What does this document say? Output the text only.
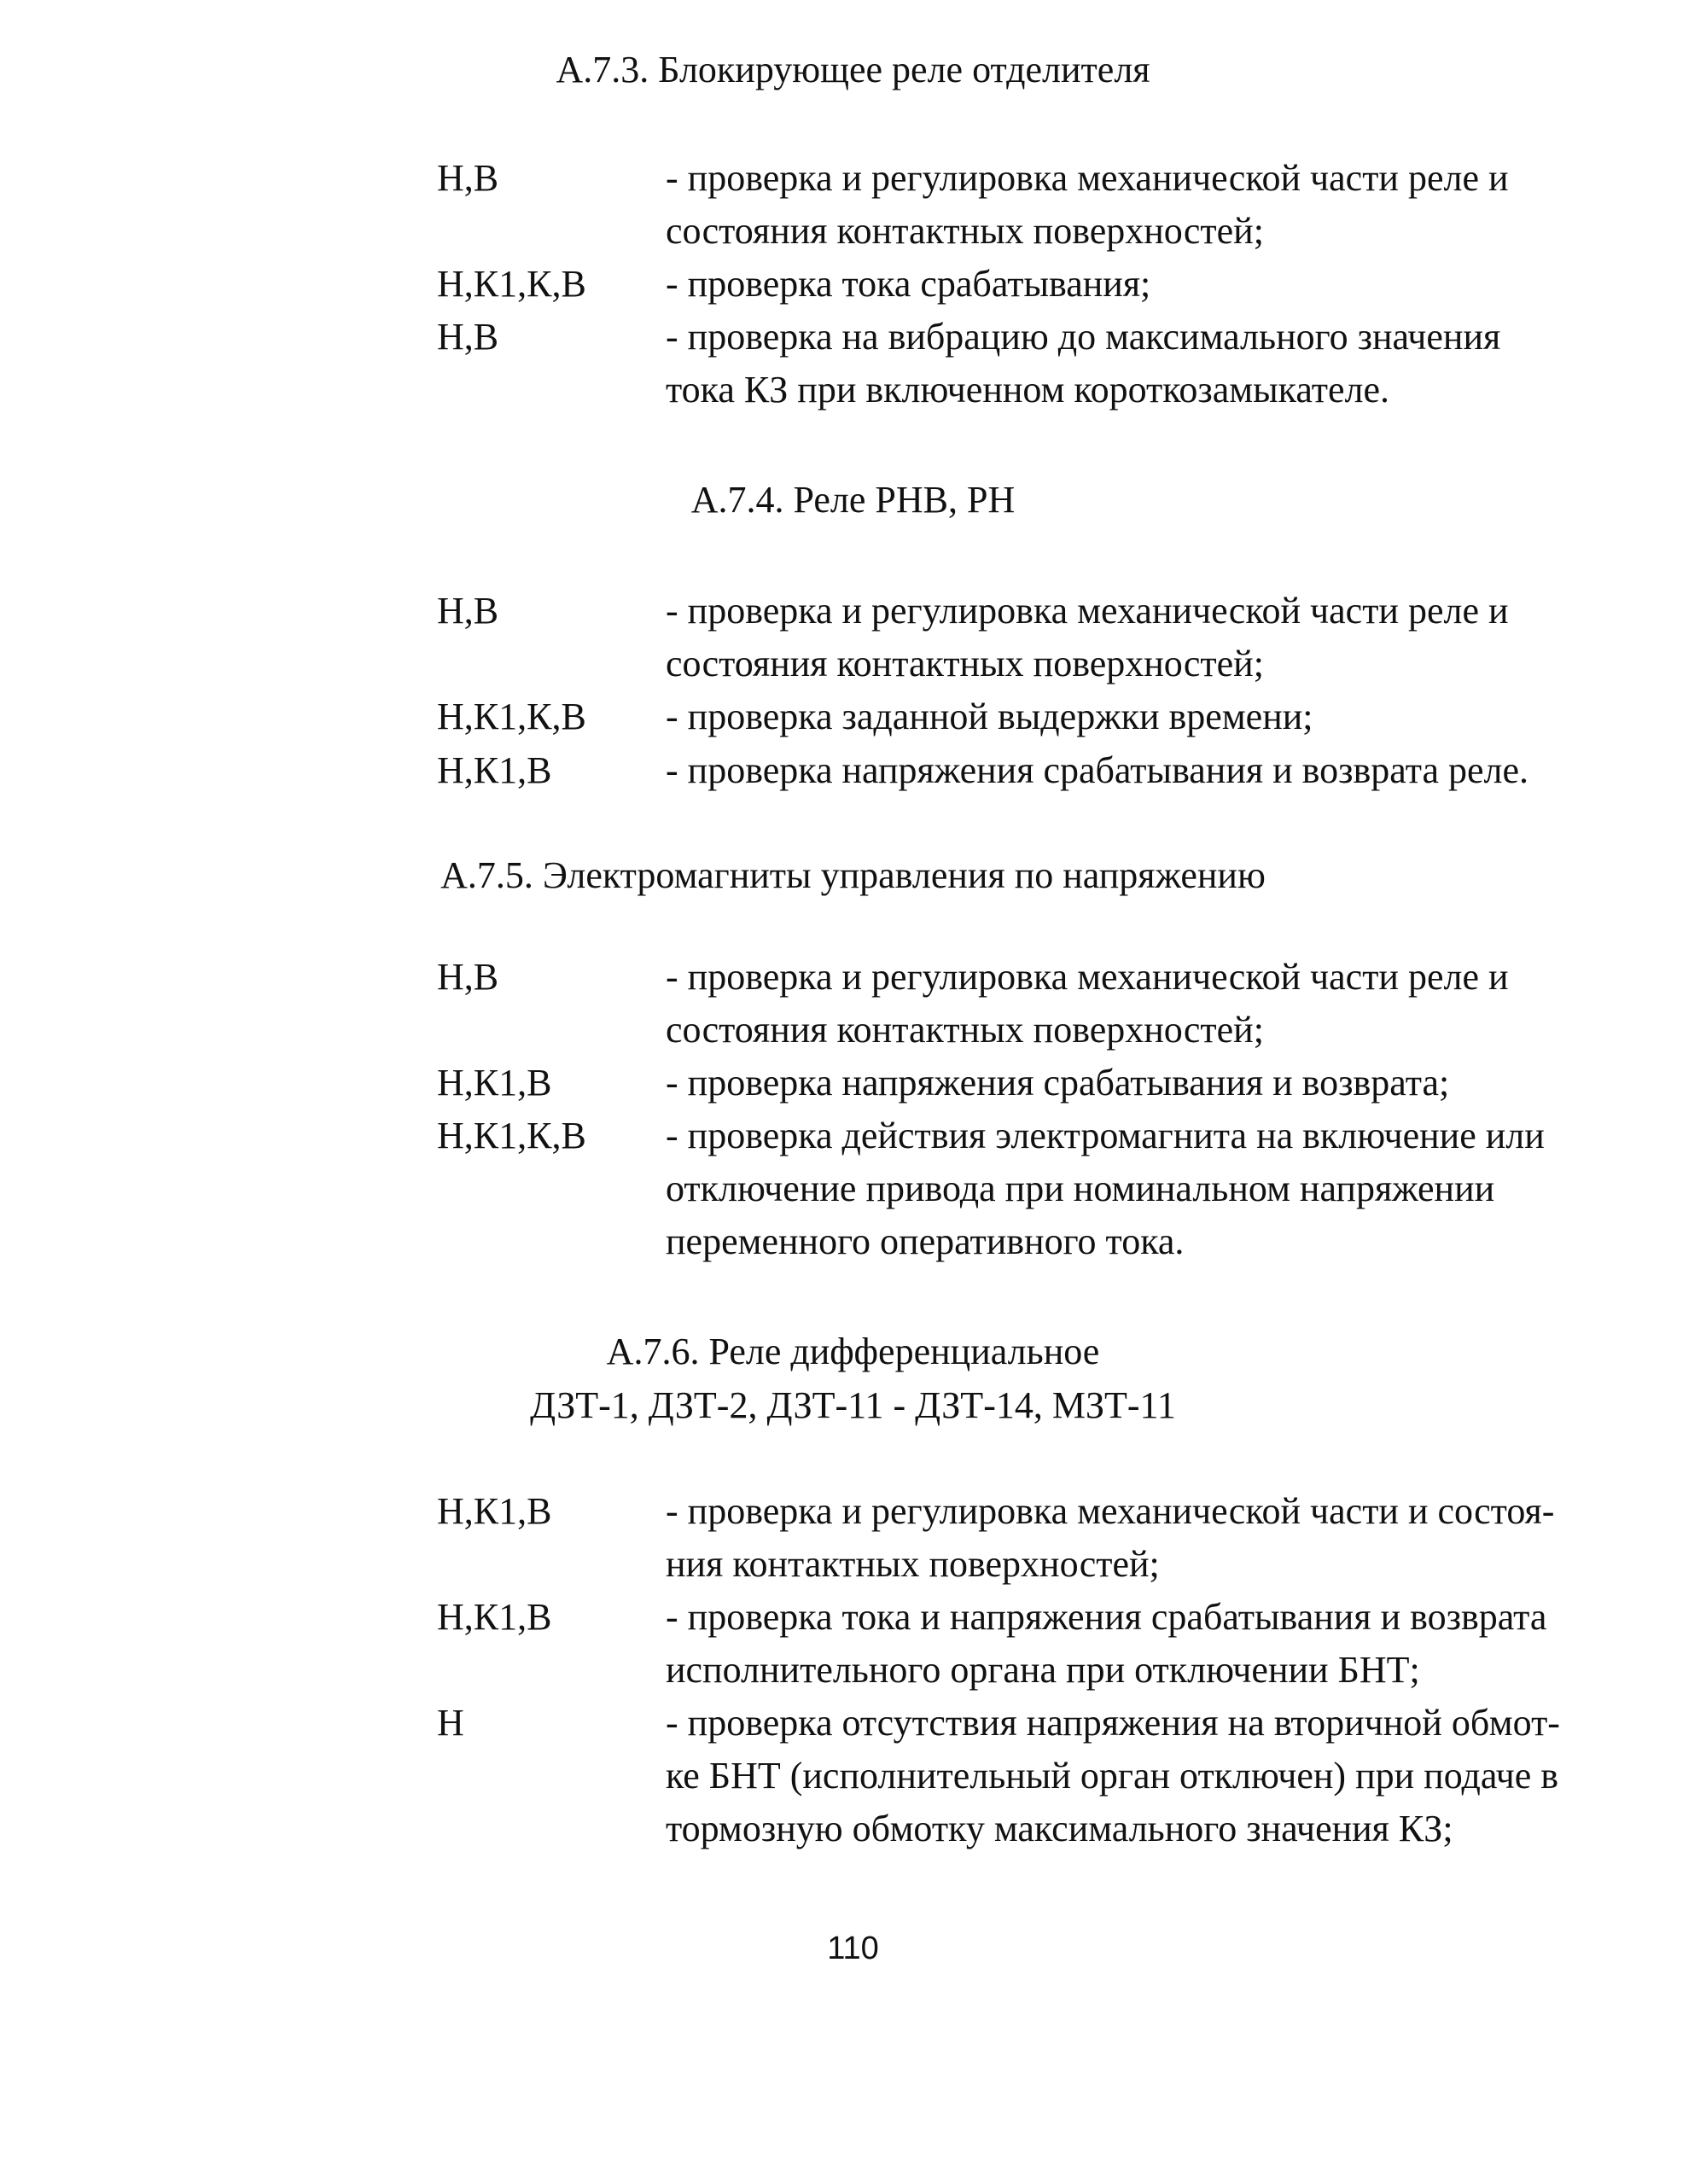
А.7.3. Блокирующее реле отделителя
Н,В	- проверка и регулировка механической части реле и
состояния контактных поверхностей;
Н,К1,К,В - проверка тока срабатывания;
Н,В	- проверка на вибрацию до максимального значения
тока КЗ при включенном короткозамыкателе.
А.7.4. Реле РНВ, РН
Н,В	- проверка и регулировка механической части реле и
состояния контактных поверхностей;
Н,К1,К,В - проверка заданной выдержки времени;
Н,К1,В	- проверка напряжения срабатывания и возврата реле.
А.7.5. Электромагниты управления по напряжению
Н,В	- проверка и регулировка механической части реле и
состояния контактных поверхностей;
Н,К1,В	- проверка напряжения срабатывания и возврата;
Н,К1,К,В - проверка действия электромагнита на включение или
отключение привода при номинальном напряжении
переменного оперативного тока.
А.7.6. Реле дифференциальное
ДЗТ-1, ДЗТ-2, ДЗТ-11 - ДЗТ-14, МЗТ-11
Н,К1,В	- проверка и регулировка механической части и состоя-
ния контактных поверхностей;
Н,К1,В	- проверка тока и напряжения срабатывания и возврата
исполнительного органа при отключении БНТ;
Н	- проверка отсутствия напряжения на вторичной обмот-
ке БНТ (исполнительный орган отключен) при подаче в
тормозную обмотку максимального значения КЗ;
110
